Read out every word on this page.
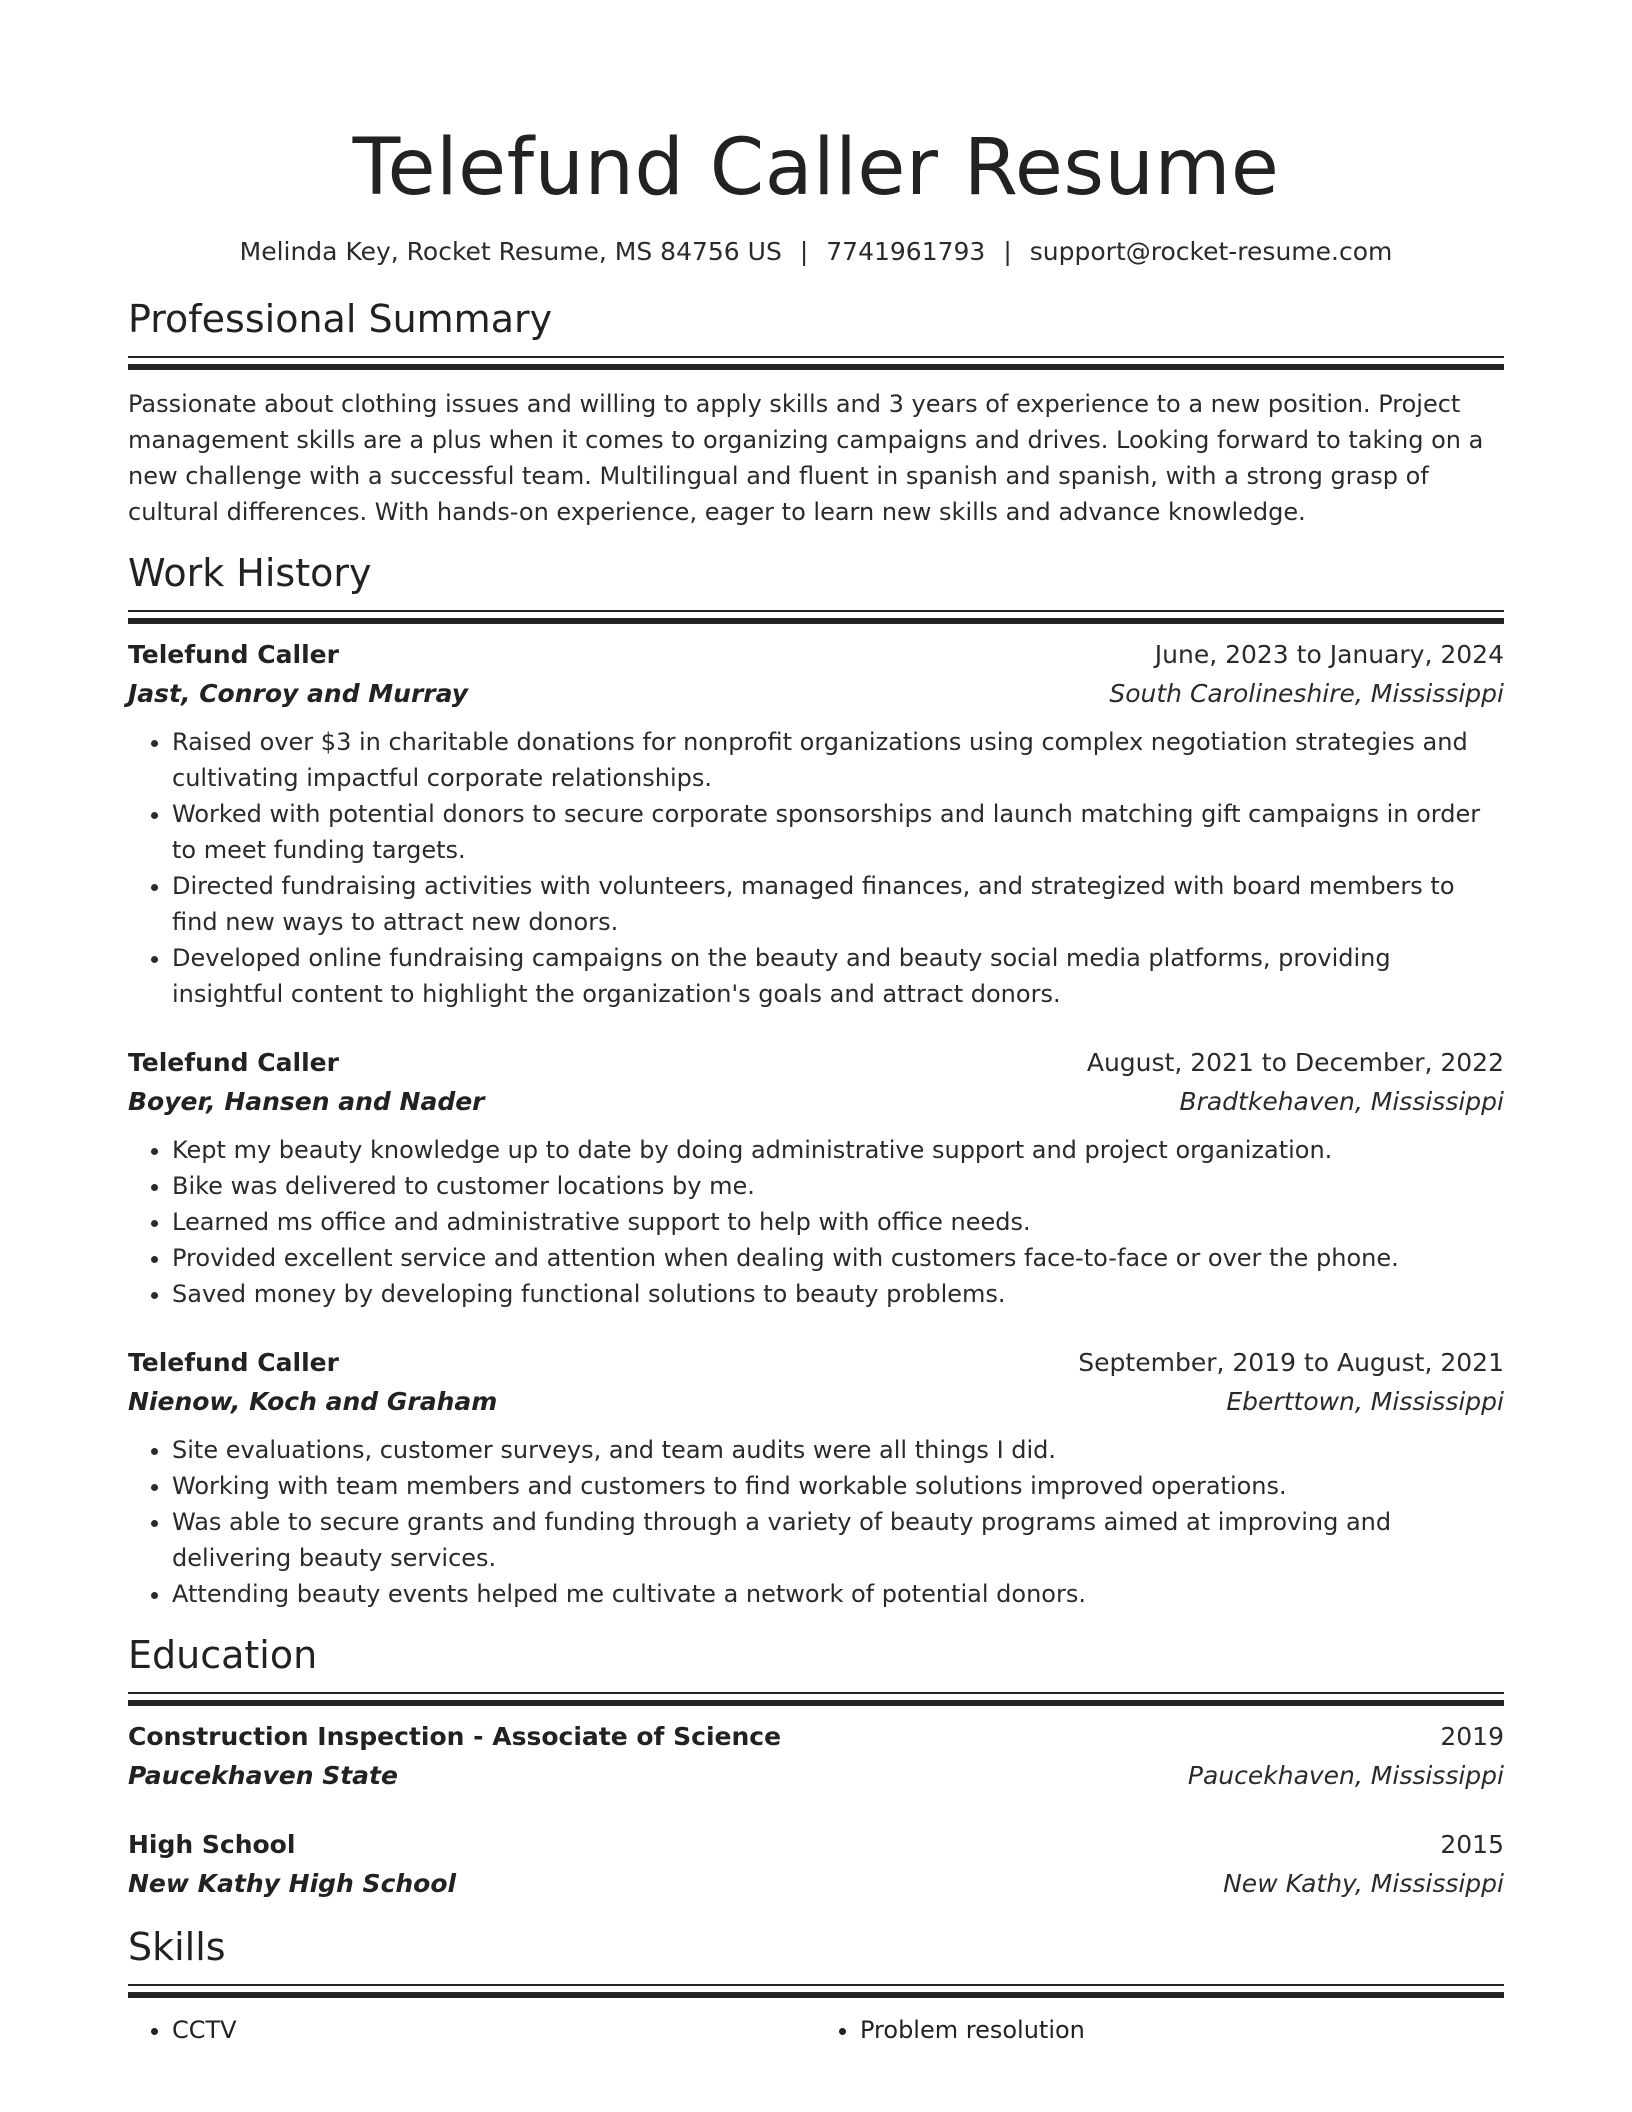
Telefund Caller Resume
Melinda Key, Rocket Resume, MS 84756 US | 7741961793 | support@rocket-resume.com
Professional Summary
Passionate about clothing issues and willing to apply skills and 3 years of experience to a new position. Project management skills are a plus when it comes to organizing campaigns and drives. Looking forward to taking on a new challenge with a successful team. Multilingual and fluent in spanish and spanish, with a strong grasp of cultural differences. With hands-on experience, eager to learn new skills and advance knowledge.
Work History
Telefund Caller	June, 2023 to January, 2024
Jast, Conroy and Murray	South Carolineshire, Mississippi
• Raised over $3 in charitable donations for nonprofit organizations using complex negotiation strategies and cultivating impactful corporate relationships.
• Worked with potential donors to secure corporate sponsorships and launch matching gift campaigns in order to meet funding targets.
• Directed fundraising activities with volunteers, managed finances, and strategized with board members to find new ways to attract new donors.
• Developed online fundraising campaigns on the beauty and beauty social media platforms, providing insightful content to highlight the organization's goals and attract donors.
Telefund Caller	August, 2021 to December, 2022
Boyer, Hansen and Nader	Bradtkehaven, Mississippi
• Kept my beauty knowledge up to date by doing administrative support and project organization.
• Bike was delivered to customer locations by me.
• Learned ms office and administrative support to help with office needs.
• Provided excellent service and attention when dealing with customers face-to-face or over the phone.
• Saved money by developing functional solutions to beauty problems.
Telefund Caller	September, 2019 to August, 2021
Nienow, Koch and Graham	Eberttown, Mississippi
• Site evaluations, customer surveys, and team audits were all things I did.
• Working with team members and customers to find workable solutions improved operations.
• Was able to secure grants and funding through a variety of beauty programs aimed at improving and delivering beauty services.
• Attending beauty events helped me cultivate a network of potential donors.
Education
Construction Inspection - Associate of Science	2019
Paucekhaven State	Paucekhaven, Mississippi
High School	2015
New Kathy High School	New Kathy, Mississippi
Skills
• CCTV
•	Problem resolution
